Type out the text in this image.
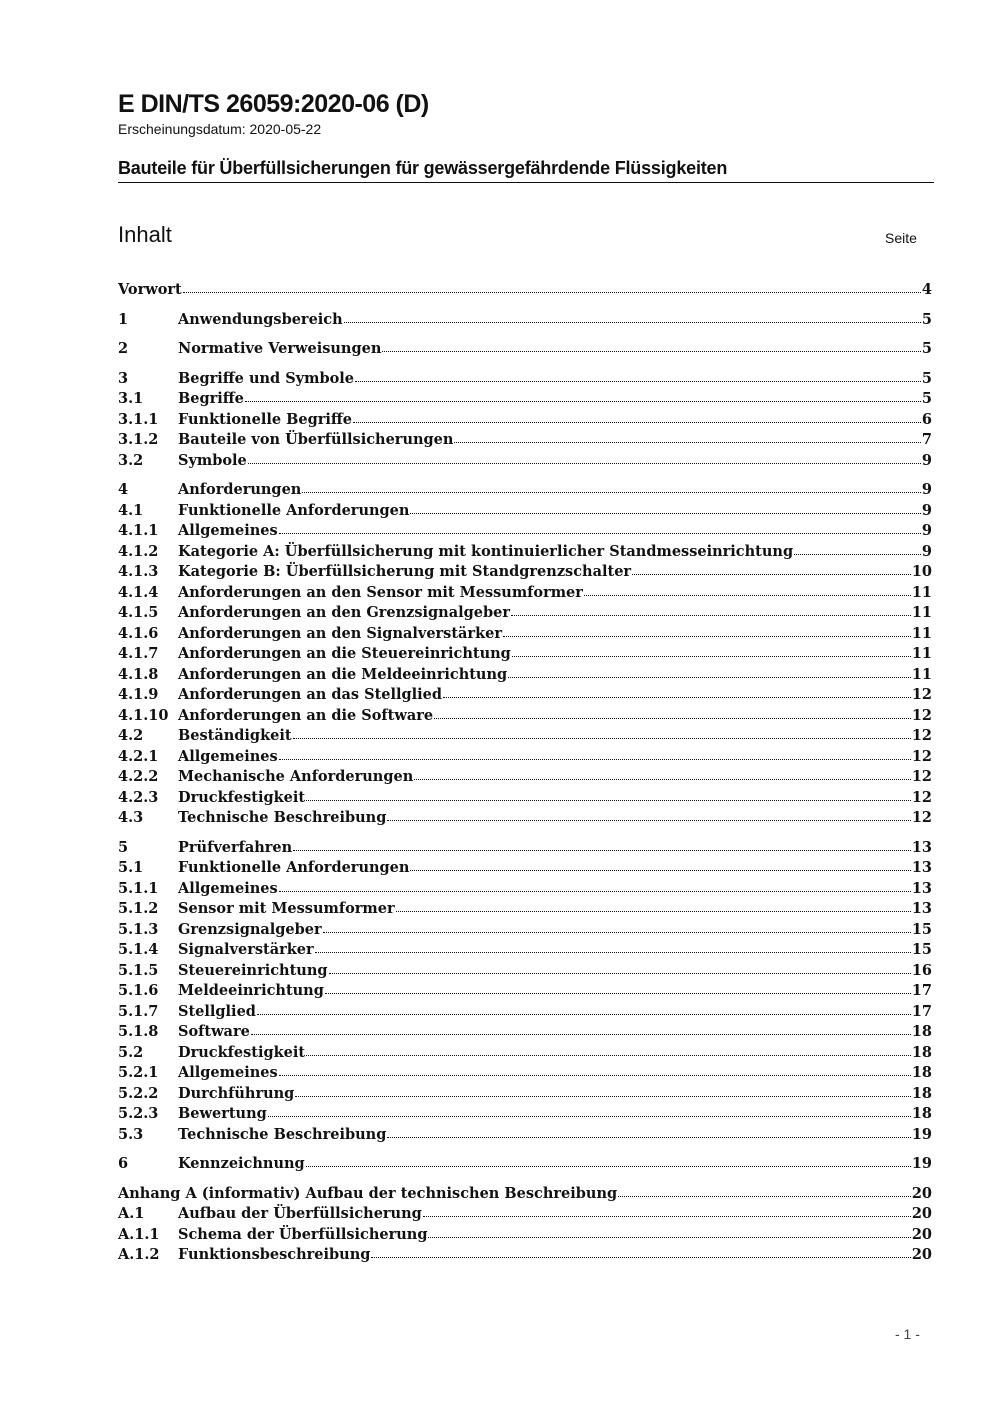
E DIN/TS 26059:2020-06 (D)
Erscheinungsdatum: 2020-05-22
Bauteile für Überfüllsicherungen für gewässergefährdende Flüssigkeiten
Inhalt	Seite
Vorwort	4
1	Anwendungsbereich	5
2	Normative Verweisungen	5
3	Begriffe und Symbole	5
3.1	Begriffe	5
3.1.1	Funktionelle Begriffe	6
3.1.2	Bauteile von Überfüllsicherungen	7
3.2	Symbole	9
4	Anforderungen	9
4.1	Funktionelle Anforderungen	9
4.1.1	Allgemeines	9
4.1.2	Kategorie A: Überfüllsicherung mit kontinuierlicher Standmesseinrichtung	9
4.1.3	Kategorie B: Überfüllsicherung mit Standgrenzschalter	10
4.1.4	Anforderungen an den Sensor mit Messumformer	11
4.1.5	Anforderungen an den Grenzsignalgeber	11
4.1.6	Anforderungen an den Signalverstärker	11
4.1.7	Anforderungen an die Steuereinrichtung	11
4.1.8	Anforderungen an die Meldeeinrichtung	11
4.1.9	Anforderungen an das Stellglied	12
4.1.10 Anforderungen an die Software	12
4.2	Beständigkeit	12
4.2.1	Allgemeines	12
4.2.2	Mechanische Anforderungen	12
4.2.3	Druckfestigkeit	12
4.3	Technische Beschreibung	12
5	Prüfverfahren	13
5.1	Funktionelle Anforderungen	13
5.1.1	Allgemeines	13
5.1.2	Sensor mit Messumformer	13
5.1.3	Grenzsignalgeber	15
5.1.4	Signalverstärker	15
5.1.5	Steuereinrichtung	16
5.1.6	Meldeeinrichtung	17
5.1.7	Stellglied	17
5.1.8	Software	18
5.2	Druckfestigkeit	18
5.2.1	Allgemeines	18
5.2.2	Durchführung	18
5.2.3	Bewertung	18
5.3	Technische Beschreibung	19
6	Kennzeichnung	19
Anhang A (informativ) Aufbau der technischen Beschreibung	20
A.1	Aufbau der Überfüllsicherung	20
A.1.1	Schema der Überfüllsicherung	20
A.1.2	Funktionsbeschreibung	20
- 1 -
